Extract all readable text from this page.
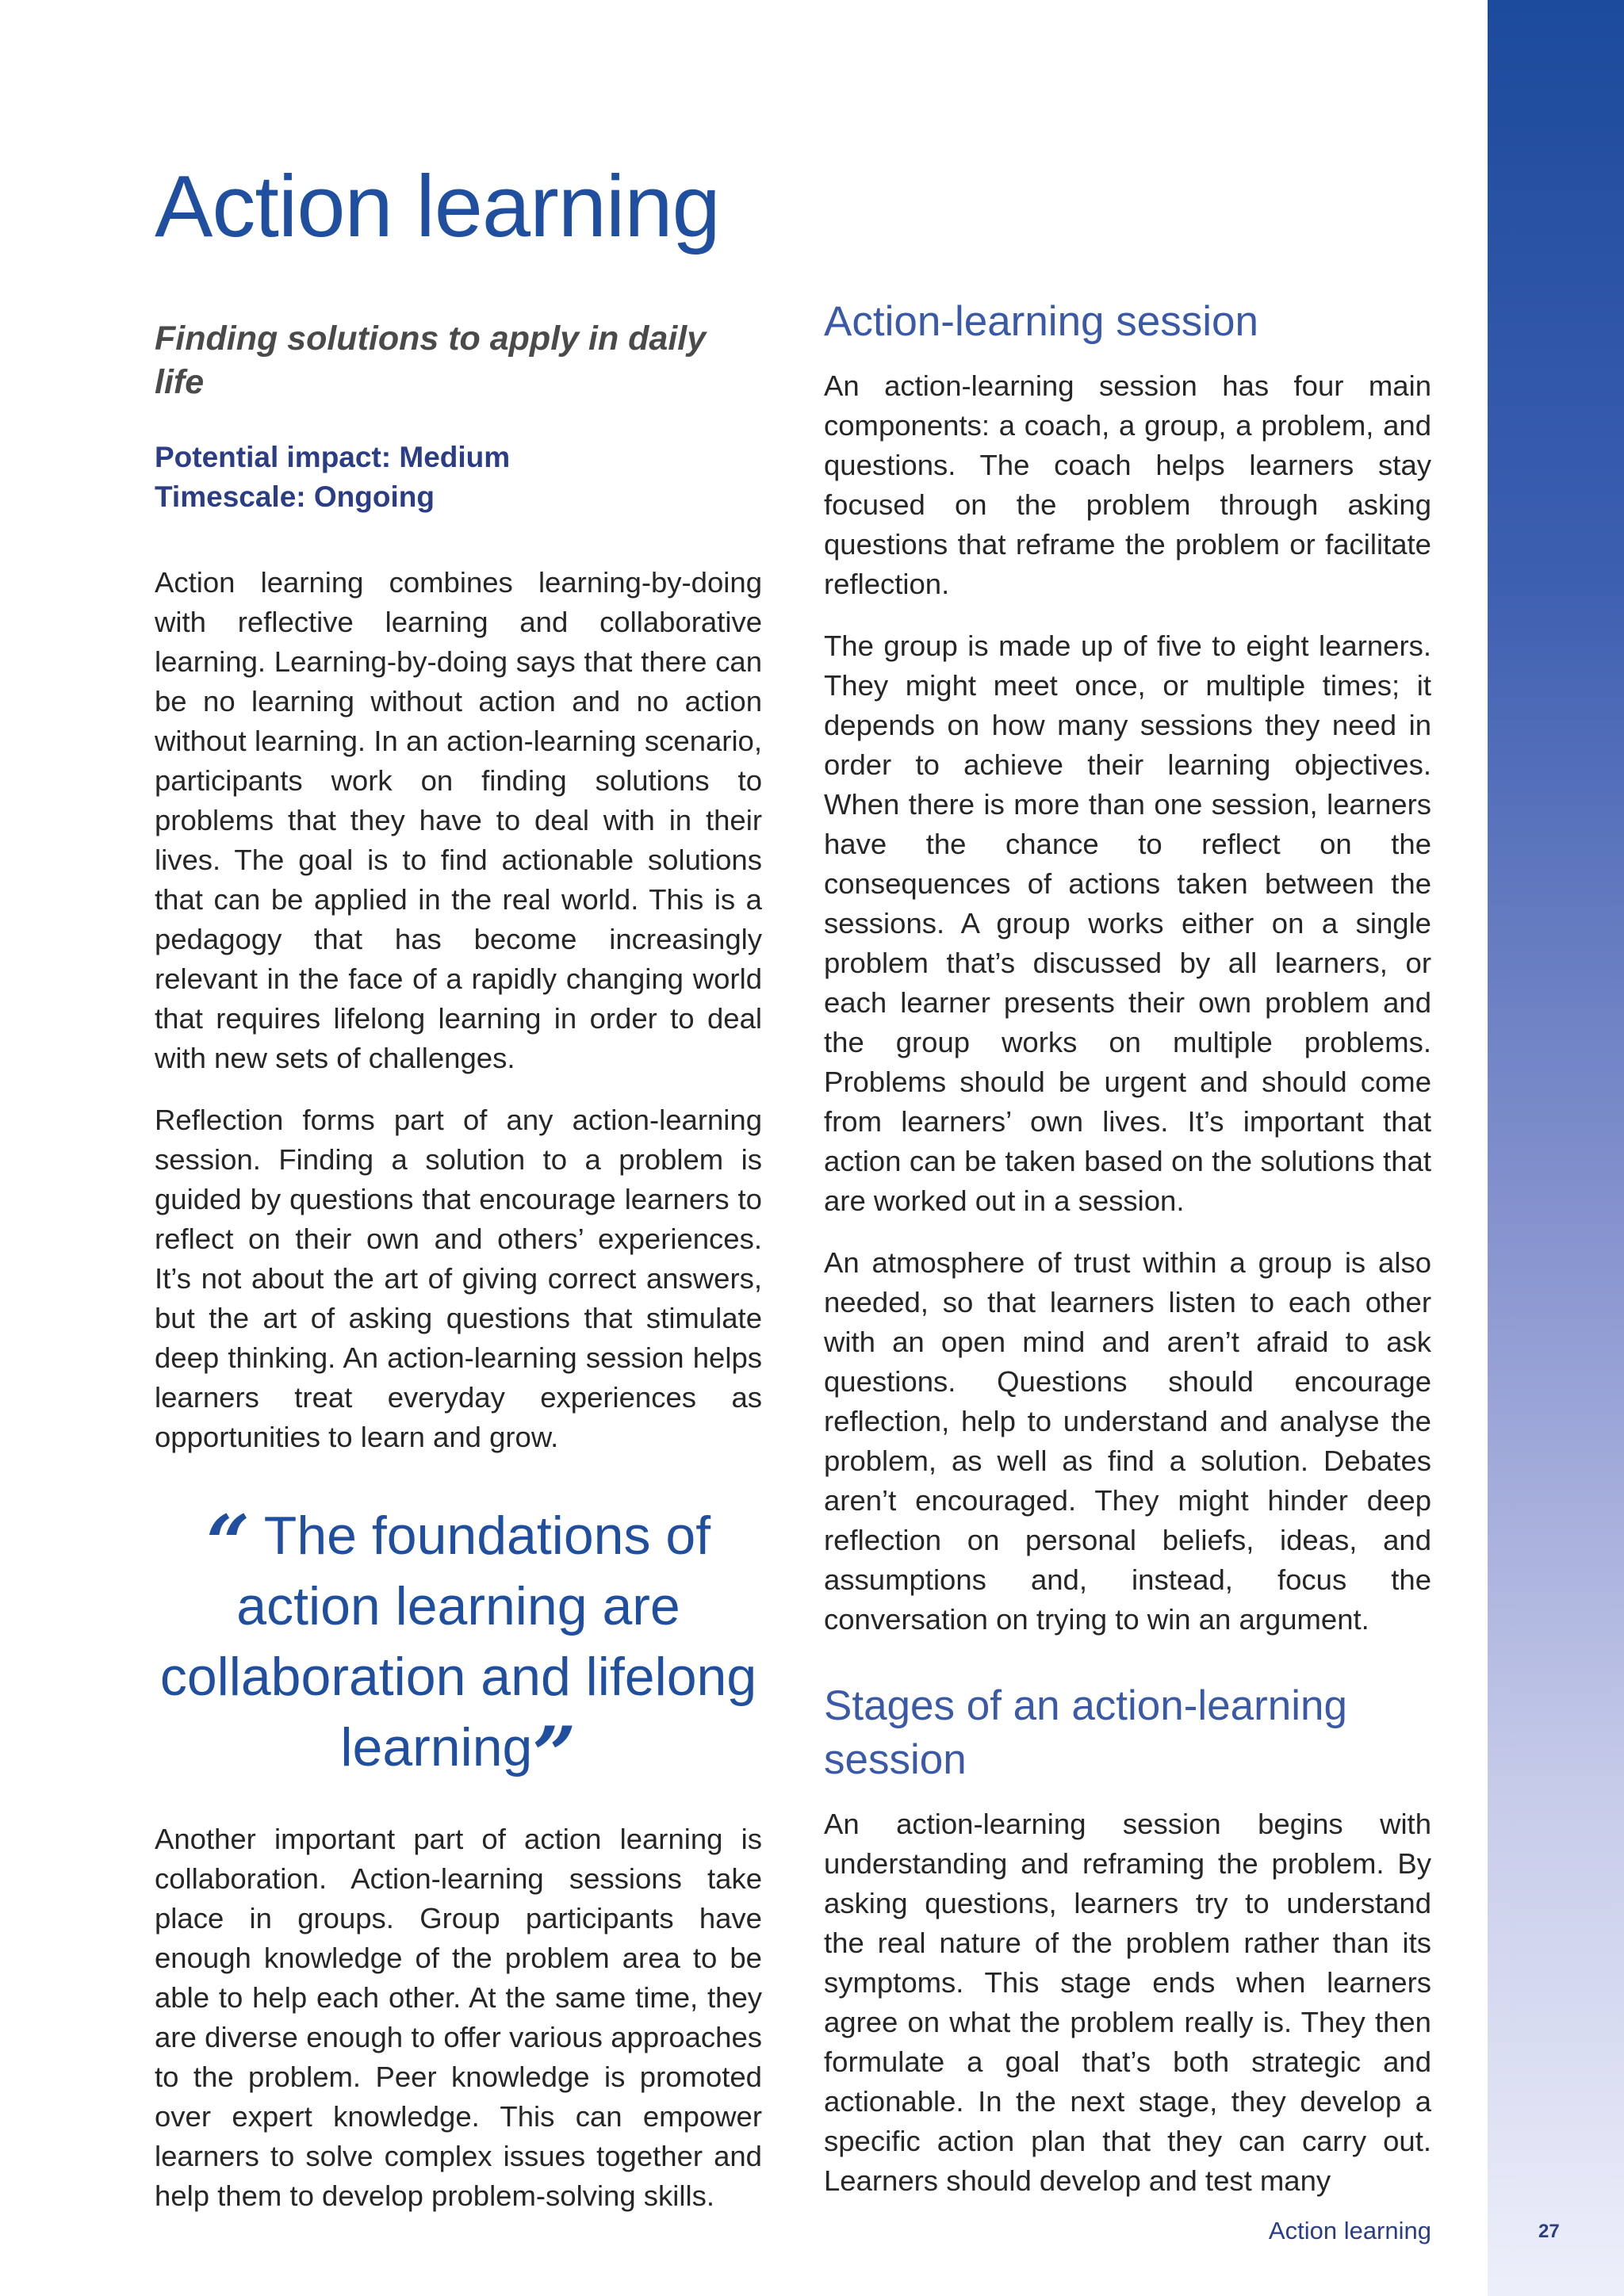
Action learning

Finding solutions to apply in daily life

Potential impact: Medium
Timescale: Ongoing

Action learning combines learning-by-doing with reflective learning and collaborative learning. Learning-by-doing says that there can be no learning without action and no action without learning. In an action-learning scenario, participants work on finding solutions to problems that they have to deal with in their lives. The goal is to find actionable solutions that can be applied in the real world. This is a pedagogy that has become increasingly relevant in the face of a rapidly changing world that requires lifelong learning in order to deal with new sets of challenges.

Reflection forms part of any action-learning session. Finding a solution to a problem is guided by questions that encourage learners to reflect on their own and others’ experiences. It’s not about the art of giving correct answers, but the art of asking questions that stimulate deep thinking. An action-learning session helps learners treat everyday experiences as opportunities to learn and grow.

“ The foundations of action learning are collaboration and lifelong learning”

Another important part of action learning is collaboration. Action-learning sessions take place in groups. Group participants have enough knowledge of the problem area to be able to help each other. At the same time, they are diverse enough to offer various approaches to the problem. Peer knowledge is promoted over expert knowledge. This can empower learners to solve complex issues together and help them to develop problem-solving skills.

Action-learning session

An action-learning session has four main components: a coach, a group, a problem, and questions. The coach helps learners stay focused on the problem through asking questions that reframe the problem or facilitate reflection.

The group is made up of five to eight learners. They might meet once, or multiple times; it depends on how many sessions they need in order to achieve their learning objectives. When there is more than one session, learners have the chance to reflect on the consequences of actions taken between the sessions. A group works either on a single problem that’s discussed by all learners, or each learner presents their own problem and the group works on multiple problems. Problems should be urgent and should come from learners’ own lives. It’s important that action can be taken based on the solutions that are worked out in a session.

An atmosphere of trust within a group is also needed, so that learners listen to each other with an open mind and aren’t afraid to ask questions. Questions should encourage reflection, help to understand and analyse the problem, as well as find a solution. Debates aren’t encouraged. They might hinder deep reflection on personal beliefs, ideas, and assumptions and, instead, focus the conversation on trying to win an argument.

Stages of an action-learning session

An action-learning session begins with understanding and reframing the problem. By asking questions, learners try to understand the real nature of the problem rather than its symptoms. This stage ends when learners agree on what the problem really is. They then formulate a goal that’s both strategic and actionable. In the next stage, they develop a specific action plan that they can carry out. Learners should develop and test many

Action learning	27
